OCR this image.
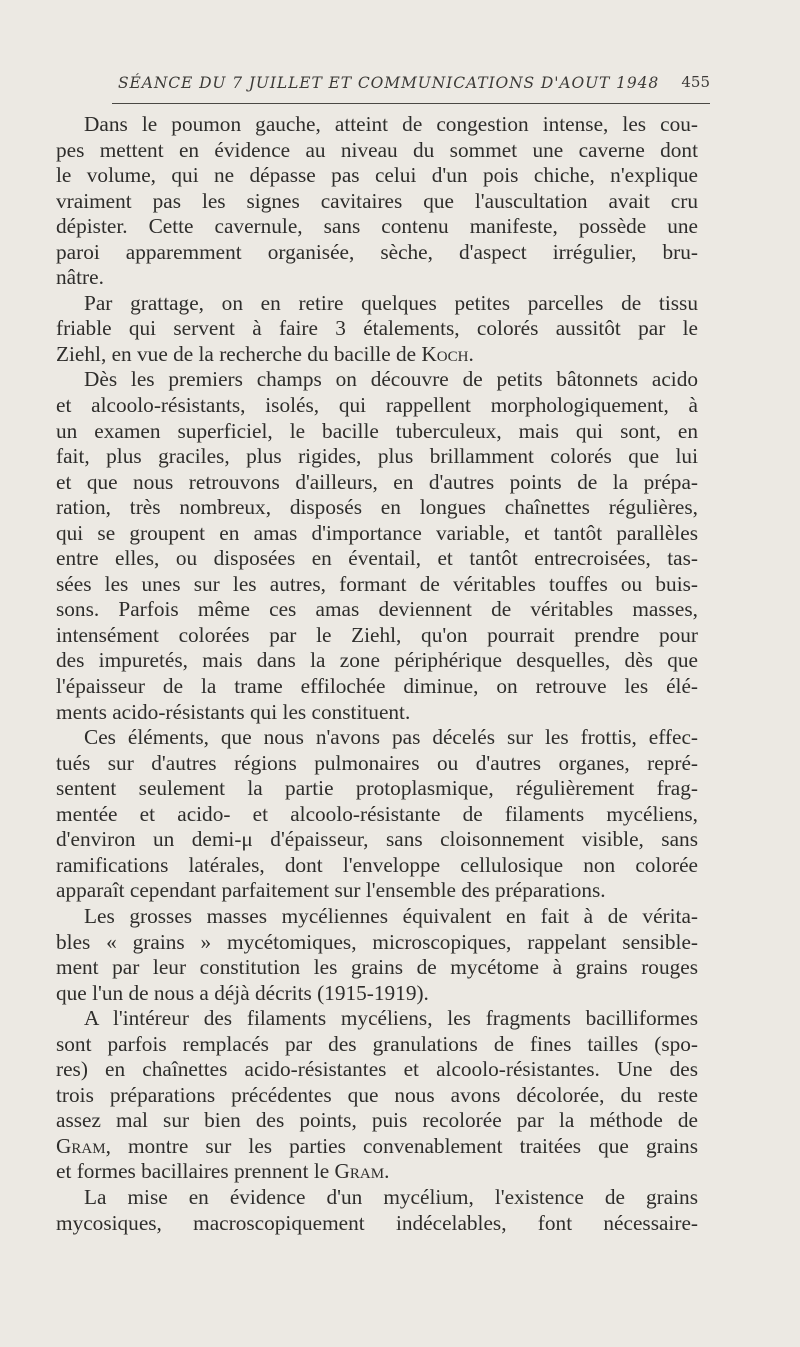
SÉANCE DU 7 JUILLET ET COMMUNICATIONS D'AOUT 1948 455
Dans le poumon gauche, atteint de congestion intense, les cou-
pes mettent en évidence au niveau du sommet une caverne dont
le volume, qui ne dépasse pas celui d'un pois chiche, n'explique
vraiment pas les signes cavitaires que l'auscultation avait cru
dépister. Cette cavernule, sans contenu manifeste, possède une
paroi apparemment organisée, sèche, d'aspect irrégulier, bru-
nâtre.
Par grattage, on en retire quelques petites parcelles de tissu
friable qui servent à faire 3 étalements, colorés aussitôt par le
Ziehl, en vue de la recherche du bacille de Koch.
Dès les premiers champs on découvre de petits bâtonnets acido
et alcoolo-résistants, isolés, qui rappellent morphologiquement, à
un examen superficiel, le bacille tuberculeux, mais qui sont, en
fait, plus graciles, plus rigides, plus brillamment colorés que lui
et que nous retrouvons d'ailleurs, en d'autres points de la prépa-
ration, très nombreux, disposés en longues chaînettes régulières,
qui se groupent en amas d'importance variable, et tantôt parallèles
entre elles, ou disposées en éventail, et tantôt entrecroisées, tas-
sées les unes sur les autres, formant de véritables touffes ou buis-
sons. Parfois même ces amas deviennent de véritables masses,
intensément colorées par le Ziehl, qu'on pourrait prendre pour
des impuretés, mais dans la zone périphérique desquelles, dès que
l'épaisseur de la trame effilochée diminue, on retrouve les élé-
ments acido-résistants qui les constituent.
Ces éléments, que nous n'avons pas décelés sur les frottis, effec-
tués sur d'autres régions pulmonaires ou d'autres organes, repré-
sentent seulement la partie protoplasmique, régulièrement frag-
mentée et acido- et alcoolo-résistante de filaments mycéliens,
d'environ un demi-μ d'épaisseur, sans cloisonnement visible, sans
ramifications latérales, dont l'enveloppe cellulosique non colorée
apparaît cependant parfaitement sur l'ensemble des préparations.
Les grosses masses mycéliennes équivalent en fait à de vérita-
bles « grains » mycétomiques, microscopiques, rappelant sensible-
ment par leur constitution les grains de mycétome à grains rouges
que l'un de nous a déjà décrits (1915-1919).
A l'intéreur des filaments mycéliens, les fragments bacilliformes
sont parfois remplacés par des granulations de fines tailles (spo-
res) en chaînettes acido-résistantes et alcoolo-résistantes. Une des
trois préparations précédentes que nous avons décolorée, du reste
assez mal sur bien des points, puis recolorée par la méthode de
Gram, montre sur les parties convenablement traitées que grains
et formes bacillaires prennent le Gram.
La mise en évidence d'un mycélium, l'existence de grains
mycosiques, macroscopiquement indécelables, font nécessaire-
